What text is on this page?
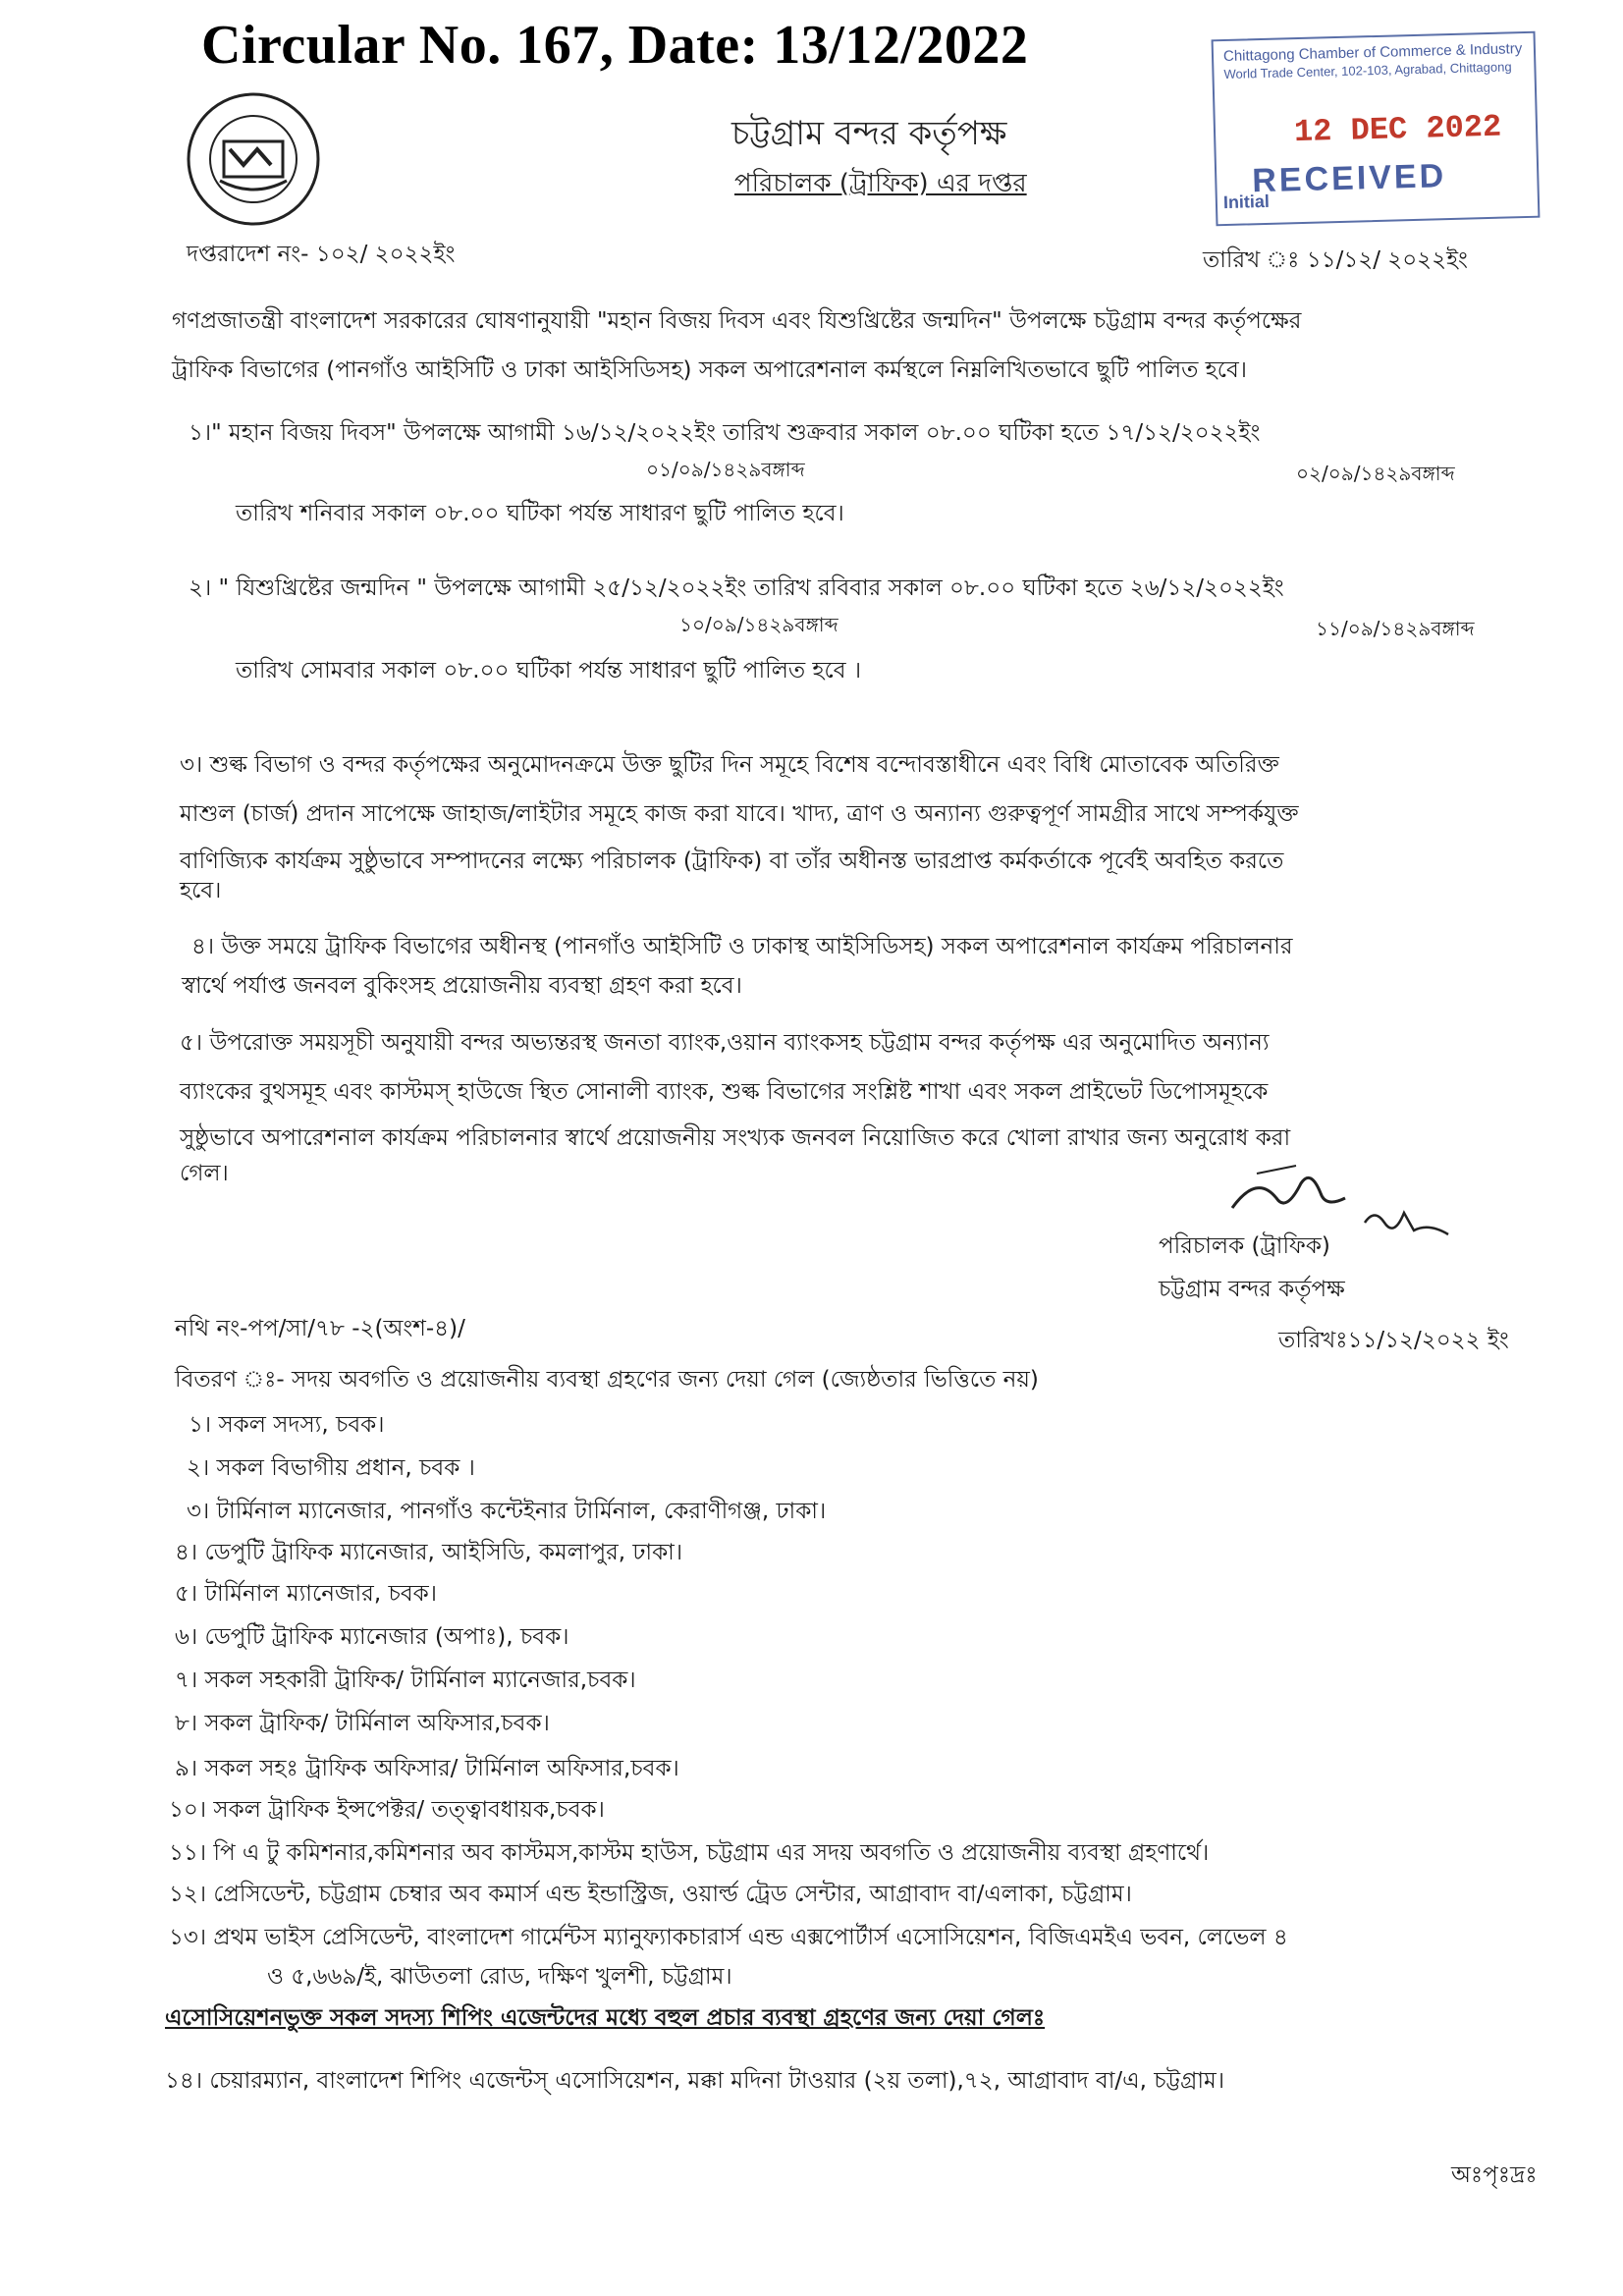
Circular No. 167, Date: 13/12/2022
চট্টগ্রাম বন্দর কর্তৃপক্ষ
পরিচালক (ট্রাফিক) এর দপ্তর
Chittagong Chamber of Commerce & Industry
World Trade Center, 102-103, Agrabad, Chittagong
12 DEC 2022
RECEIVED
Initial
দপ্তরাদেশ নং- ১০২/ ২০২২ইং	তারিখ ঃ ১১/১২/ ২০২২ইং
গণপ্রজাতন্ত্রী বাংলাদেশ সরকারের ঘোষণানুযায়ী "মহান বিজয় দিবস এবং যিশুখ্রিষ্টের জন্মদিন" উপলক্ষে চট্টগ্রাম বন্দর কর্তৃপক্ষের
ট্রাফিক বিভাগের (পানগাঁও আইসিটি ও ঢাকা আইসিডিসহ) সকল অপারেশনাল কর্মস্থলে নিম্নলিখিতভাবে ছুটি পালিত হবে।
১।" মহান বিজয় দিবস" উপলক্ষে আগামী ১৬/১২/২০২২ইং তারিখ শুক্রবার সকাল ০৮.০০ ঘটিকা হতে ১৭/১২/২০২২ইং
০১/০৯/১৪২৯বঙ্গাব্দ	০২/০৯/১৪২৯বঙ্গাব্দ
তারিখ শনিবার সকাল ০৮.০০ ঘটিকা পর্যন্ত সাধারণ ছুটি পালিত হবে।
২। " যিশুখ্রিষ্টের জন্মদিন " উপলক্ষে আগামী ২৫/১২/২০২২ইং তারিখ রবিবার সকাল ০৮.০০ ঘটিকা হতে ২৬/১২/২০২২ইং
১০/০৯/১৪২৯বঙ্গাব্দ	১১/০৯/১৪২৯বঙ্গাব্দ
তারিখ সোমবার সকাল ০৮.০০ ঘটিকা পর্যন্ত সাধারণ ছুটি পালিত হবে ।
৩। শুল্ক বিভাগ ও বন্দর কর্তৃপক্ষের অনুমোদনক্রমে উক্ত ছুটির দিন সমূহে বিশেষ বন্দোবস্তাধীনে এবং বিধি মোতাবেক অতিরিক্ত
মাশুল (চার্জ) প্রদান সাপেক্ষে জাহাজ/লাইটার সমূহে কাজ করা যাবে। খাদ্য, ত্রাণ ও অন্যান্য গুরুত্বপূর্ণ সামগ্রীর সাথে সম্পর্কযুক্ত
বাণিজ্যিক কার্যক্রম সুষ্ঠুভাবে সম্পাদনের লক্ষ্যে পরিচালক (ট্রাফিক) বা তাঁর অধীনস্ত ভারপ্রাপ্ত কর্মকর্তাকে পূর্বেই অবহিত করতে
হবে।
৪। উক্ত সময়ে ট্রাফিক বিভাগের অধীনস্থ (পানগাঁও আইসিটি ও ঢাকাস্থ আইসিডিসহ) সকল অপারেশনাল কার্যক্রম পরিচালনার
স্বার্থে পর্যাপ্ত জনবল বুকিংসহ প্রয়োজনীয় ব্যবস্থা গ্রহণ করা হবে।
৫। উপরোক্ত সময়সূচী অনুযায়ী বন্দর অভ্যন্তরস্থ জনতা ব্যাংক,ওয়ান ব্যাংকসহ চট্টগ্রাম বন্দর কর্তৃপক্ষ এর অনুমোদিত অন্যান্য
ব্যাংকের বুথসমূহ এবং কাস্টমস্ হাউজে স্থিত সোনালী ব্যাংক, শুল্ক বিভাগের সংশ্লিষ্ট শাখা এবং সকল প্রাইভেট ডিপোসমূহকে
সুষ্ঠুভাবে অপারেশনাল কার্যক্রম পরিচালনার স্বার্থে প্রয়োজনীয় সংখ্যক জনবল নিয়োজিত করে খোলা রাখার জন্য অনুরোধ করা
গেল।
পরিচালক (ট্রাফিক)
চট্টগ্রাম বন্দর কর্তৃপক্ষ
নথি নং-পপ/সা/৭৮ -২(অংশ-৪)/	তারিখঃ১১/১২/২০২২ ইং
বিতরণ ঃ- সদয় অবগতি ও প্রয়োজনীয় ব্যবস্থা গ্রহণের জন্য দেয়া গেল (জ্যেষ্ঠতার ভিত্তিতে নয়)
১। সকল সদস্য, চবক।
২। সকল বিভাগীয় প্রধান, চবক ।
৩। টার্মিনাল ম্যানেজার, পানগাঁও কন্টেইনার টার্মিনাল, কেরাণীগঞ্জ, ঢাকা।
৪। ডেপুটি ট্রাফিক ম্যানেজার, আইসিডি, কমলাপুর, ঢাকা।
৫। টার্মিনাল ম্যানেজার, চবক।
৬। ডেপুটি ট্রাফিক ম্যানেজার (অপাঃ), চবক।
৭। সকল সহকারী ট্রাফিক/ টার্মিনাল ম্যানেজার,চবক।
৮। সকল ট্রাফিক/ টার্মিনাল অফিসার,চবক।
৯। সকল সহঃ ট্রাফিক অফিসার/ টার্মিনাল অফিসার,চবক।
১০। সকল ট্রাফিক ইন্সপেক্টর/ তত্ত্বাবধায়ক,চবক।
১১। পি এ টু কমিশনার,কমিশনার অব কাস্টমস,কাস্টম হাউস, চট্টগ্রাম এর সদয় অবগতি ও প্রয়োজনীয় ব্যবস্থা গ্রহণার্থে।
১২। প্রেসিডেন্ট, চট্টগ্রাম চেম্বার অব কমার্স এন্ড ইন্ডাস্ট্রিজ, ওয়ার্ল্ড ট্রেড সেন্টার, আগ্রাবাদ বা/এলাকা, চট্টগ্রাম।
১৩। প্রথম ভাইস প্রেসিডেন্ট, বাংলাদেশ গার্মেন্টস ম্যানুফ্যাকচারার্স এন্ড এক্সপোর্টার্স এসোসিয়েশন, বিজিএমইএ ভবন, লেভেল ৪
ও ৫,৬৬৯/ই, ঝাউতলা রোড, দক্ষিণ খুলশী, চট্টগ্রাম।
এসোসিয়েশনভুক্ত সকল সদস্য শিপিং এজেন্টদের মধ্যে বহুল প্রচার ব্যবস্থা গ্রহণের জন্য দেয়া গেলঃ
১৪। চেয়ারম্যান, বাংলাদেশ শিপিং এজেন্টস্ এসোসিয়েশন, মক্কা মদিনা টাওয়ার (২য় তলা),৭২, আগ্রাবাদ বা/এ, চট্টগ্রাম।
অঃপৃঃদ্রঃ
